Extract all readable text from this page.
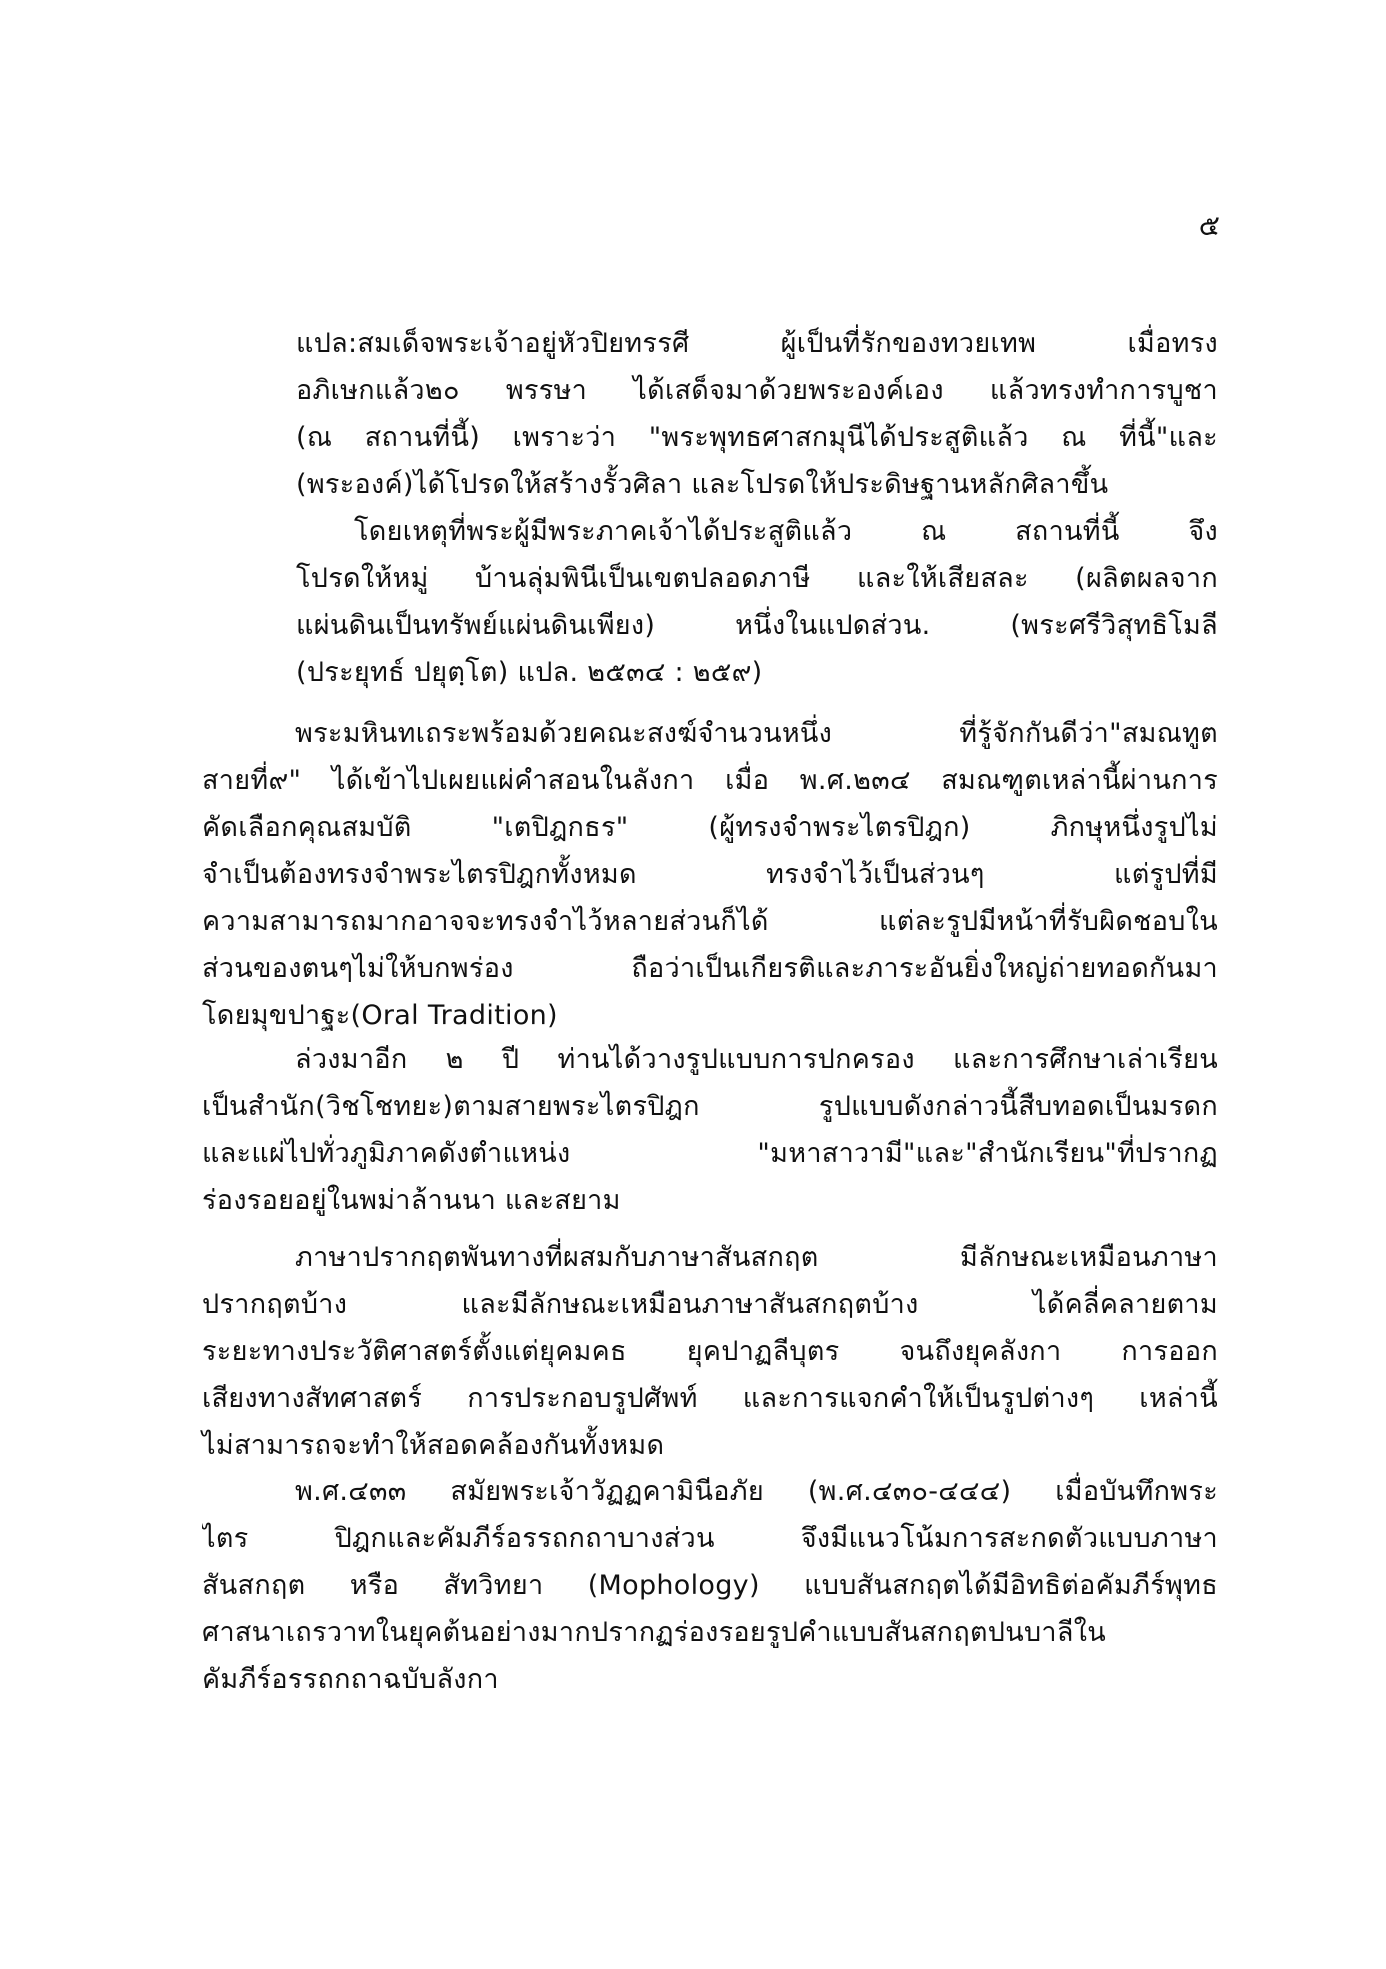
๕
แปล:สมเด็จพระเจ้าอยู่หัวปิยทรรศี ผู้เป็นที่รักของทวยเทพ เมื่อทรง
อภิเษกแล้ว๒๐ พรรษา ได้เสด็จมาด้วยพระองค์เอง แล้วทรงทำการบูชา
(ณ สถานที่นี้) เพราะว่า "พระพุทธศาสกมุนีได้ประสูติแล้ว ณ ที่นี้"และ
(พระองค์)ได้โปรดให้สร้างรั้วศิลา และโปรดให้ประดิษฐานหลักศิลาขึ้น
โดยเหตุที่พระผู้มีพระภาคเจ้าได้ประสูติแล้ว ณ สถานที่นี้ จึง
โปรดให้หมู่ บ้านลุ่มพินีเป็นเขตปลอดภาษี และให้เสียสละ (ผลิตผลจาก
แผ่นดินเป็นทรัพย์แผ่นดินเพียง) หนึ่งในแปดส่วน. (พระศรีวิสุทธิโมลี
(ประยุทธ์ ปยุตฺโต) แปล. ๒๕๓๔ : ๒๕๙)
พระมหินทเถระพร้อมด้วยคณะสงฆ์จำนวนหนึ่ง ที่รู้จักกันดีว่า"สมณทูต
สายที่๙" ได้เข้าไปเผยแผ่คำสอนในลังกา เมื่อ พ.ศ.๒๓๔ สมณฑูตเหล่านี้ผ่านการ
คัดเลือกคุณสมบัติ "เตปิฎกธร" (ผู้ทรงจำพระไตรปิฎก) ภิกษุหนึ่งรูปไม่
จำเป็นต้องทรงจำพระไตรปิฎกทั้งหมด ทรงจำไว้เป็นส่วนๆ แต่รูปที่มี
ความสามารถมากอาจจะทรงจำไว้หลายส่วนก็ได้ แต่ละรูปมีหน้าที่รับผิดชอบใน
ส่วนของตนๆไม่ให้บกพร่อง ถือว่าเป็นเกียรติและภาระอันยิ่งใหญ่ถ่ายทอดกันมา
โดยมุขปาฐะ(Oral Tradition)
ล่วงมาอีก ๒ ปี ท่านได้วางรูปแบบการปกครอง และการศึกษาเล่าเรียน
เป็นสำนัก(วิชโชทยะ)ตามสายพระไตรปิฎก รูปแบบดังกล่าวนี้สืบทอดเป็นมรดก
และแผ่ไปทั่วภูมิภาคดังตำแหน่ง "มหาสาวามี"และ"สำนักเรียน"ที่ปรากฏ
ร่องรอยอยู่ในพม่าล้านนา และสยาม
ภาษาปรากฤตพันทางที่ผสมกับภาษาสันสกฤต มีลักษณะเหมือนภาษา
ปรากฤตบ้าง และมีลักษณะเหมือนภาษาสันสกฤตบ้าง ได้คลี่คลายตาม
ระยะทางประวัติศาสตร์ตั้งแต่ยุคมคธ ยุคปาฏลีบุตร จนถึงยุคลังกา การออก
เสียงทางสัทศาสตร์ การประกอบรูปศัพท์ และการแจกคำให้เป็นรูปต่างๆ เหล่านี้
ไม่สามารถจะทำให้สอดคล้องกันทั้งหมด
พ.ศ.๔๓๓ สมัยพระเจ้าวัฏฏคามินีอภัย (พ.ศ.๔๓๐-๔๔๔) เมื่อบันทึกพระ
ไตร ปิฎกและคัมภีร์อรรถกถาบางส่วน จึงมีแนวโน้มการสะกดตัวแบบภาษา
สันสกฤต หรือ สัทวิทยา (Mophology) แบบสันสกฤตได้มีอิทธิต่อคัมภีร์พุทธ
ศาสนาเถรวาทในยุคต้นอย่างมากปรากฏร่องรอยรูปคำแบบสันสกฤตปนบาลีใน
คัมภีร์อรรถกถาฉบับลังกา
